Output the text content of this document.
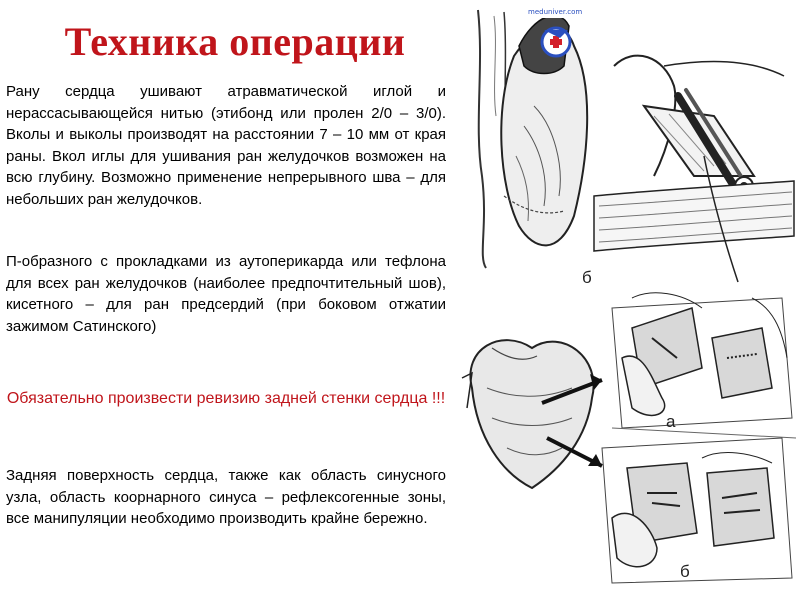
Техника операции

Рану сердца ушивают атравматической иглой и нерассасывающейся нитью (этибонд или пролен 2/0 – 3/0). Вколы и выколы производят на расстоянии 7 – 10 мм от края раны. Вкол иглы для ушивания ран желудочков возможен на всю глубину. Возможно применение непрерывного шва – для небольших ран желудочков.

П-образного с прокладками из аутоперикарда или тефлона для всех ран желудочков (наиболее предпочтительный шов), кисетного – для ран предсердий (при боковом отжатии зажимом Сатинского)

Обязательно произвести ревизию задней стенки сердца !!!

Задняя поверхность сердца, также как область синусного узла, область коорнарного синуса – рефлексогенные зоны, все манипуляции необходимо производить крайне бережно.

meduniver.com
б
а
б
